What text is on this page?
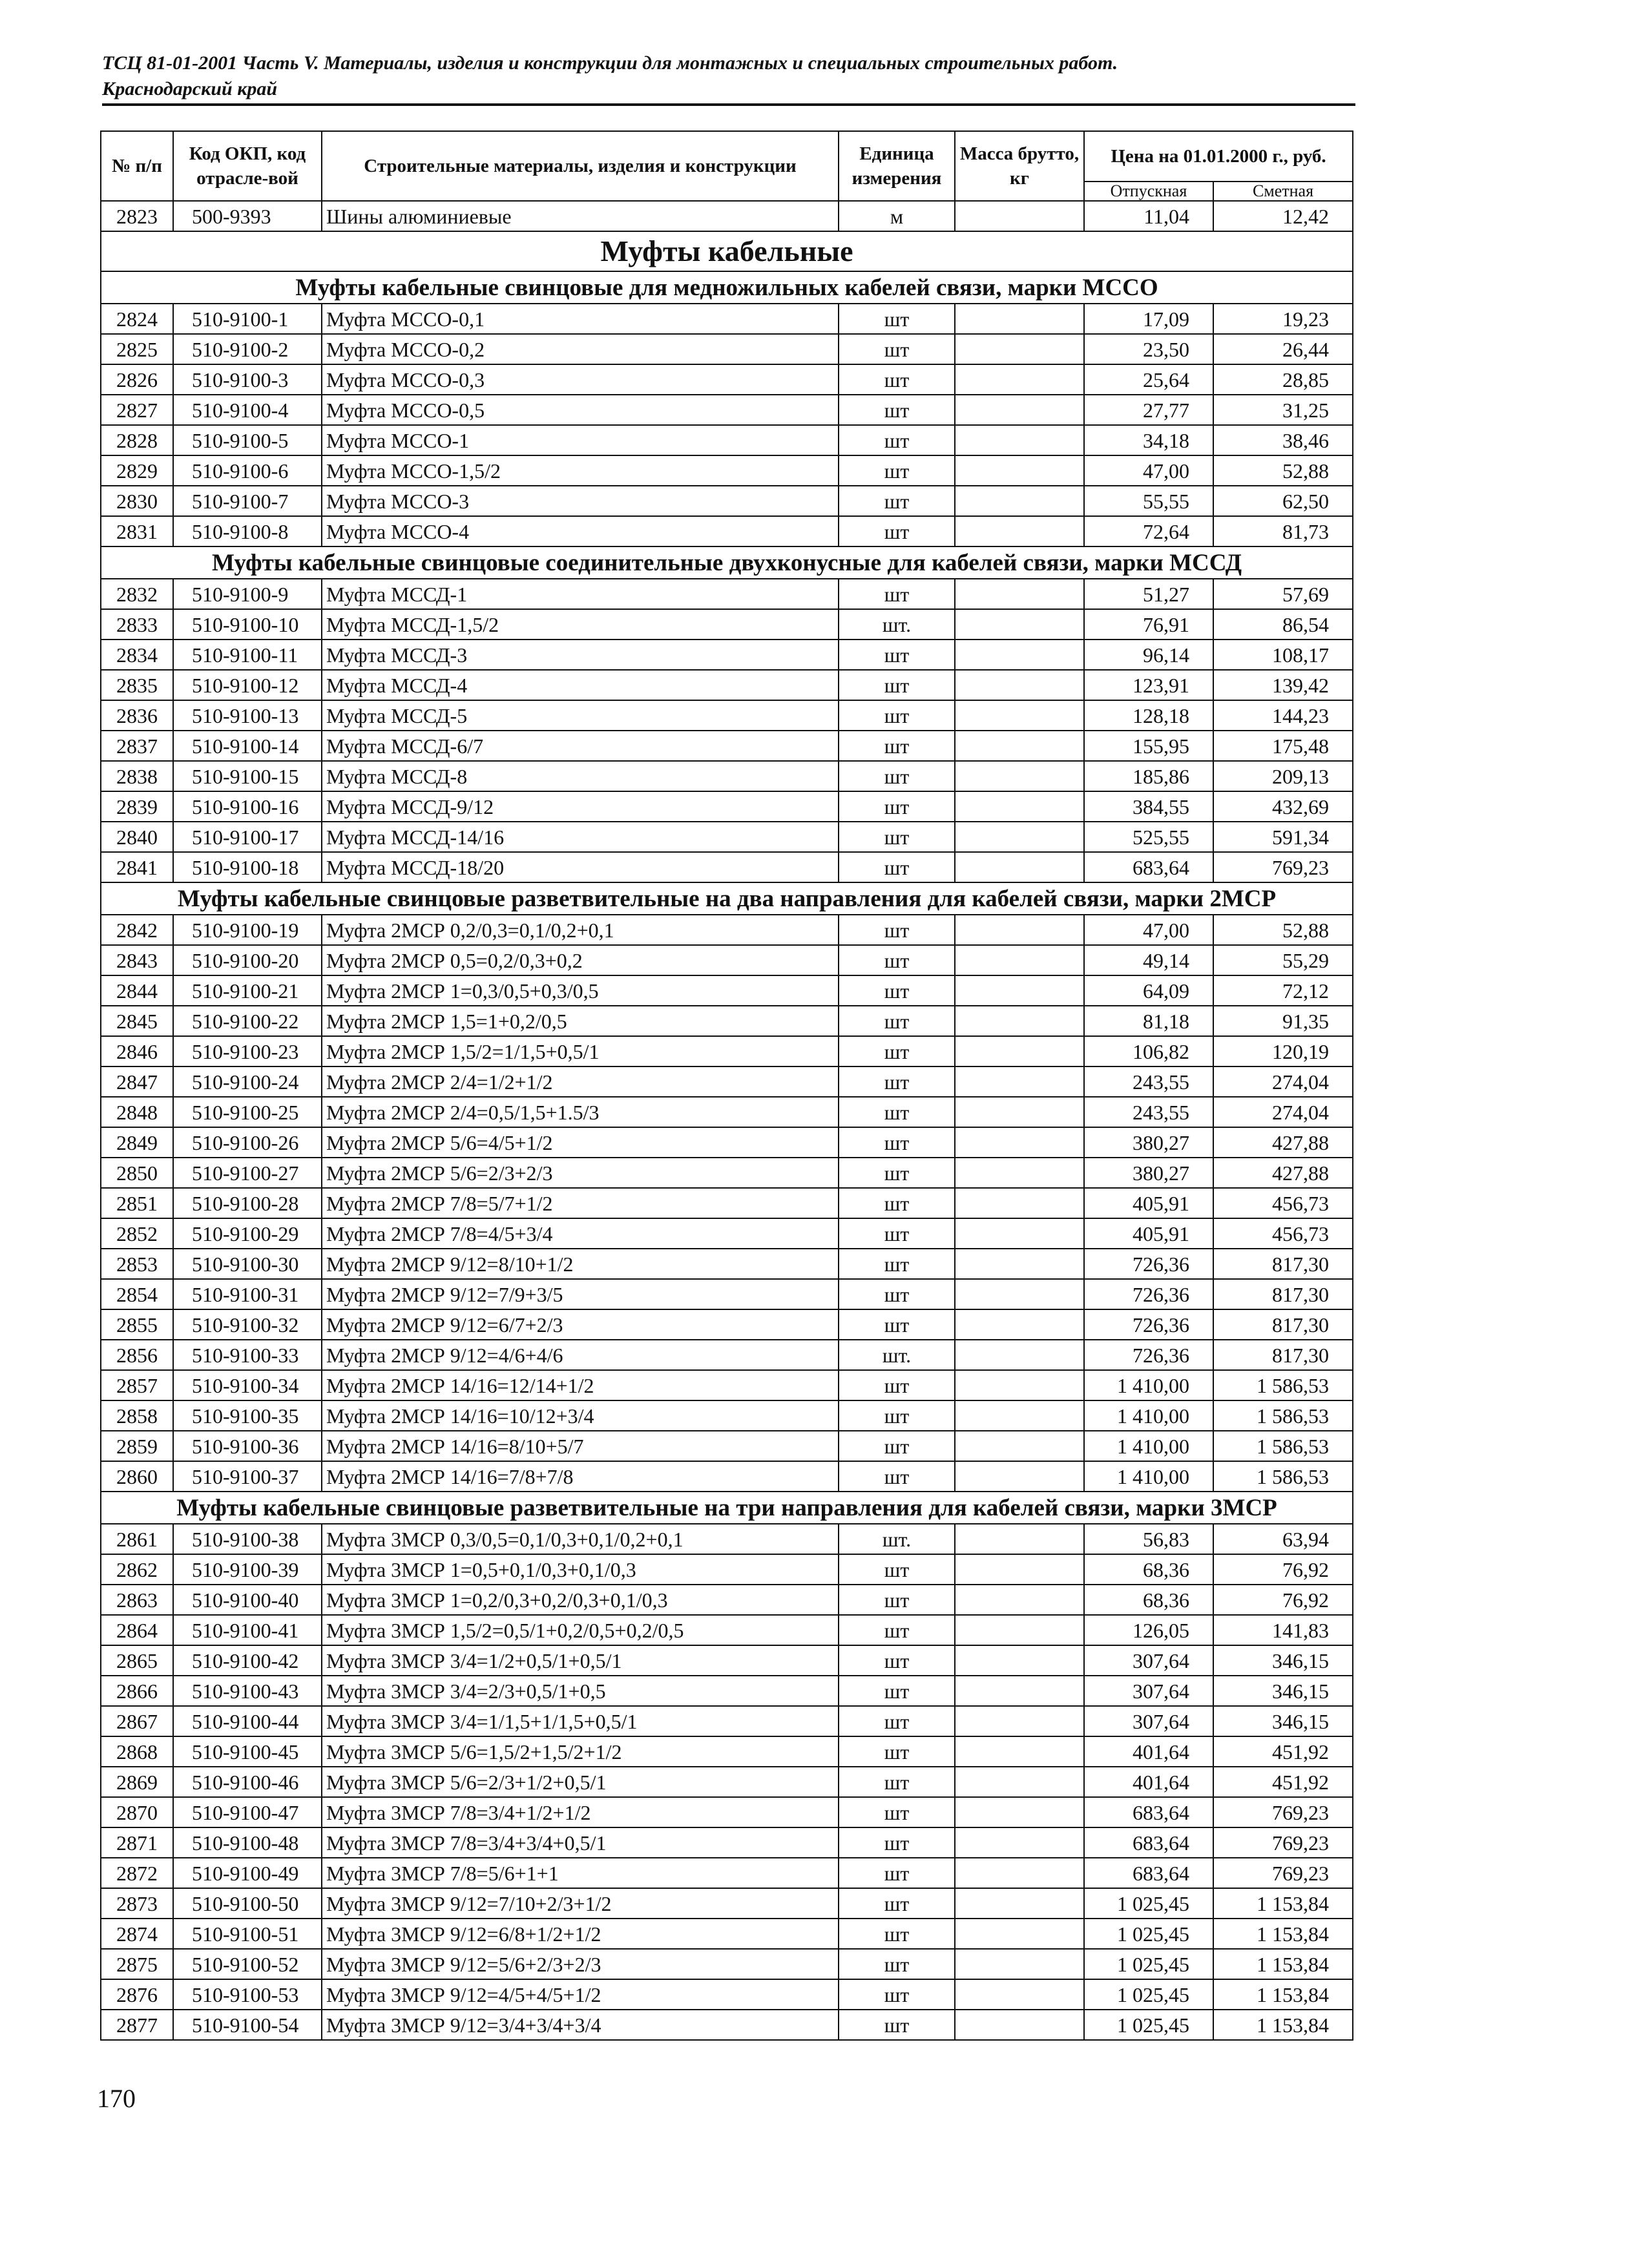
ТСЦ 81-01-2001 Часть V. Материалы, изделия и конструкции для монтажных и специальных строительных работ.
Краснодарский край
№ п/п	Код ОКП, код отрасле-вой	Строительные материалы, изделия и конструкции	Единица измерения	Масса брутто, кг	Цена на 01.01.2000 г., руб.	
					Отпускная	Сметная
2823	500-9393	Шины алюминиевые	м		11,04	12,42
Муфты кабельные						
Муфты кабельные свинцовые для медножильных кабелей связи, марки МССО						
2824	510-9100-1	Муфта МССО-0,1	шт		17,09	19,23
2825	510-9100-2	Муфта МССО-0,2	шт		23,50	26,44
2826	510-9100-3	Муфта МССО-0,3	шт		25,64	28,85
2827	510-9100-4	Муфта МССО-0,5	шт		27,77	31,25
2828	510-9100-5	Муфта МССО-1	шт		34,18	38,46
2829	510-9100-6	Муфта МССО-1,5/2	шт		47,00	52,88
2830	510-9100-7	Муфта МССО-3	шт		55,55	62,50
2831	510-9100-8	Муфта МССО-4	шт		72,64	81,73
Муфты кабельные свинцовые соединительные двухконусные для кабелей связи, марки МССД						
2832	510-9100-9	Муфта МССД-1	шт		51,27	57,69
2833	510-9100-10	Муфта МССД-1,5/2	шт.		76,91	86,54
2834	510-9100-11	Муфта МССД-3	шт		96,14	108,17
2835	510-9100-12	Муфта МССД-4	шт		123,91	139,42
2836	510-9100-13	Муфта МССД-5	шт		128,18	144,23
2837	510-9100-14	Муфта МССД-6/7	шт		155,95	175,48
2838	510-9100-15	Муфта МССД-8	шт		185,86	209,13
2839	510-9100-16	Муфта МССД-9/12	шт		384,55	432,69
2840	510-9100-17	Муфта МССД-14/16	шт		525,55	591,34
2841	510-9100-18	Муфта МССД-18/20	шт		683,64	769,23
Муфты кабельные свинцовые разветвительные на два направления для кабелей связи, марки 2МСР						
2842	510-9100-19	Муфта 2МСР 0,2/0,3=0,1/0,2+0,1	шт		47,00	52,88
2843	510-9100-20	Муфта 2МСР 0,5=0,2/0,3+0,2	шт		49,14	55,29
2844	510-9100-21	Муфта 2МСР 1=0,3/0,5+0,3/0,5	шт		64,09	72,12
2845	510-9100-22	Муфта 2МСР 1,5=1+0,2/0,5	шт		81,18	91,35
2846	510-9100-23	Муфта 2МСР 1,5/2=1/1,5+0,5/1	шт		106,82	120,19
2847	510-9100-24	Муфта 2МСР 2/4=1/2+1/2	шт		243,55	274,04
2848	510-9100-25	Муфта 2МСР 2/4=0,5/1,5+1.5/3	шт		243,55	274,04
2849	510-9100-26	Муфта 2МСР 5/6=4/5+1/2	шт		380,27	427,88
2850	510-9100-27	Муфта 2МСР 5/6=2/3+2/3	шт		380,27	427,88
2851	510-9100-28	Муфта 2МСР 7/8=5/7+1/2	шт		405,91	456,73
2852	510-9100-29	Муфта 2МСР 7/8=4/5+3/4	шт		405,91	456,73
2853	510-9100-30	Муфта 2МСР 9/12=8/10+1/2	шт		726,36	817,30
2854	510-9100-31	Муфта 2МСР 9/12=7/9+3/5	шт		726,36	817,30
2855	510-9100-32	Муфта 2МСР 9/12=6/7+2/3	шт		726,36	817,30
2856	510-9100-33	Муфта 2МСР 9/12=4/6+4/6	шт.		726,36	817,30
2857	510-9100-34	Муфта 2МСР 14/16=12/14+1/2	шт		1 410,00	1 586,53
2858	510-9100-35	Муфта 2МСР 14/16=10/12+3/4	шт		1 410,00	1 586,53
2859	510-9100-36	Муфта 2МСР 14/16=8/10+5/7	шт		1 410,00	1 586,53
2860	510-9100-37	Муфта 2МСР 14/16=7/8+7/8	шт		1 410,00	1 586,53
Муфты кабельные свинцовые разветвительные на три направления для кабелей связи, марки 3МСР						
2861	510-9100-38	Муфта 3МСР 0,3/0,5=0,1/0,3+0,1/0,2+0,1	шт.		56,83	63,94
2862	510-9100-39	Муфта 3МСР 1=0,5+0,1/0,3+0,1/0,3	шт		68,36	76,92
2863	510-9100-40	Муфта 3МСР 1=0,2/0,3+0,2/0,3+0,1/0,3	шт		68,36	76,92
2864	510-9100-41	Муфта 3МСР 1,5/2=0,5/1+0,2/0,5+0,2/0,5	шт		126,05	141,83
2865	510-9100-42	Муфта 3МСР 3/4=1/2+0,5/1+0,5/1	шт		307,64	346,15
2866	510-9100-43	Муфта 3МСР 3/4=2/3+0,5/1+0,5	шт		307,64	346,15
2867	510-9100-44	Муфта 3МСР 3/4=1/1,5+1/1,5+0,5/1	шт		307,64	346,15
2868	510-9100-45	Муфта 3МСР 5/6=1,5/2+1,5/2+1/2	шт		401,64	451,92
2869	510-9100-46	Муфта 3МСР 5/6=2/3+1/2+0,5/1	шт		401,64	451,92
2870	510-9100-47	Муфта 3МСР 7/8=3/4+1/2+1/2	шт		683,64	769,23
2871	510-9100-48	Муфта 3МСР 7/8=3/4+3/4+0,5/1	шт		683,64	769,23
2872	510-9100-49	Муфта 3МСР 7/8=5/6+1+1	шт		683,64	769,23
2873	510-9100-50	Муфта 3МСР 9/12=7/10+2/3+1/2	шт		1 025,45	1 153,84
2874	510-9100-51	Муфта 3МСР 9/12=6/8+1/2+1/2	шт		1 025,45	1 153,84
2875	510-9100-52	Муфта 3МСР 9/12=5/6+2/3+2/3	шт		1 025,45	1 153,84
2876	510-9100-53	Муфта 3МСР 9/12=4/5+4/5+1/2	шт		1 025,45	1 153,84
2877	510-9100-54	Муфта 3МСР 9/12=3/4+3/4+3/4	шт		1 025,45	1 153,84
170
